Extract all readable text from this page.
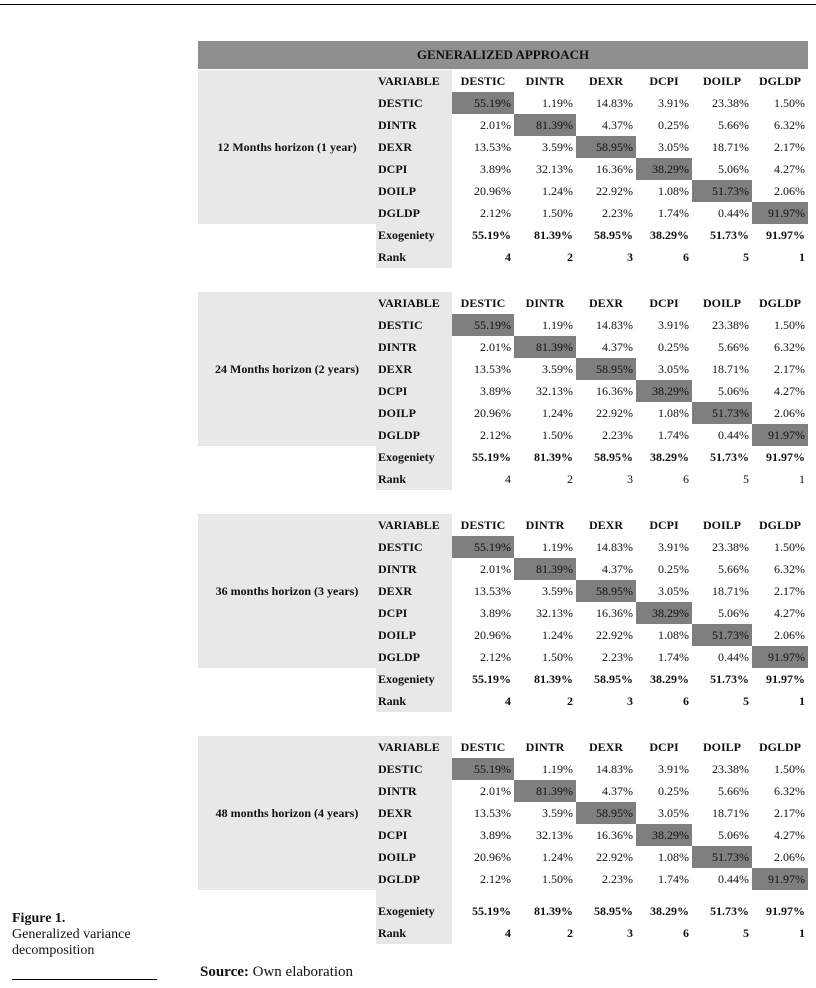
GENERALIZED APPROACH
12 Months horizon (1 year)
VARIABLE	DESTIC	DINTR	DEXR	DCPI	DOILP	DGLDP
DESTIC	55.19%	1.19%	14.83%	3.91%	23.38%	1.50%
DINTR	2.01%	81.39%	4.37%	0.25%	5.66%	6.32%
DEXR	13.53%	3.59%	58.95%	3.05%	18.71%	2.17%
DCPI	3.89%	32.13%	16.36%	38.29%	5.06%	4.27%
DOILP	20.96%	1.24%	22.92%	1.08%	51.73%	2.06%
DGLDP	2.12%	1.50%	2.23%	1.74%	0.44%	91.97%
Exogeniety	55.19%	81.39%	58.95%	38.29%	51.73%	91.97%
Rank	4	2	3	6	5	1
24 Months horizon (2 years)
VARIABLE	DESTIC	DINTR	DEXR	DCPI	DOILP	DGLDP
DESTIC	55.19%	1.19%	14.83%	3.91%	23.38%	1.50%
DINTR	2.01%	81.39%	4.37%	0.25%	5.66%	6.32%
DEXR	13.53%	3.59%	58.95%	3.05%	18.71%	2.17%
DCPI	3.89%	32.13%	16.36%	38.29%	5.06%	4.27%
DOILP	20.96%	1.24%	22.92%	1.08%	51.73%	2.06%
DGLDP	2.12%	1.50%	2.23%	1.74%	0.44%	91.97%
Exogeniety	55.19%	81.39%	58.95%	38.29%	51.73%	91.97%
Rank	4	2	3	6	5	1
36 months horizon (3 years)
VARIABLE	DESTIC	DINTR	DEXR	DCPI	DOILP	DGLDP
DESTIC	55.19%	1.19%	14.83%	3.91%	23.38%	1.50%
DINTR	2.01%	81.39%	4.37%	0.25%	5.66%	6.32%
DEXR	13.53%	3.59%	58.95%	3.05%	18.71%	2.17%
DCPI	3.89%	32.13%	16.36%	38.29%	5.06%	4.27%
DOILP	20.96%	1.24%	22.92%	1.08%	51.73%	2.06%
DGLDP	2.12%	1.50%	2.23%	1.74%	0.44%	91.97%
Exogeniety	55.19%	81.39%	58.95%	38.29%	51.73%	91.97%
Rank	4	2	3	6	5	1
48 months horizon (4 years)
VARIABLE	DESTIC	DINTR	DEXR	DCPI	DOILP	DGLDP
DESTIC	55.19%	1.19%	14.83%	3.91%	23.38%	1.50%
DINTR	2.01%	81.39%	4.37%	0.25%	5.66%	6.32%
DEXR	13.53%	3.59%	58.95%	3.05%	18.71%	2.17%
DCPI	3.89%	32.13%	16.36%	38.29%	5.06%	4.27%
DOILP	20.96%	1.24%	22.92%	1.08%	51.73%	2.06%
DGLDP	2.12%	1.50%	2.23%	1.74%	0.44%	91.97%
Exogeniety	55.19%	81.39%	58.95%	38.29%	51.73%	91.97%
Rank	4	2	3	6	5	1
Figure 1.
Generalized variance
decomposition
Source: Own elaboration
